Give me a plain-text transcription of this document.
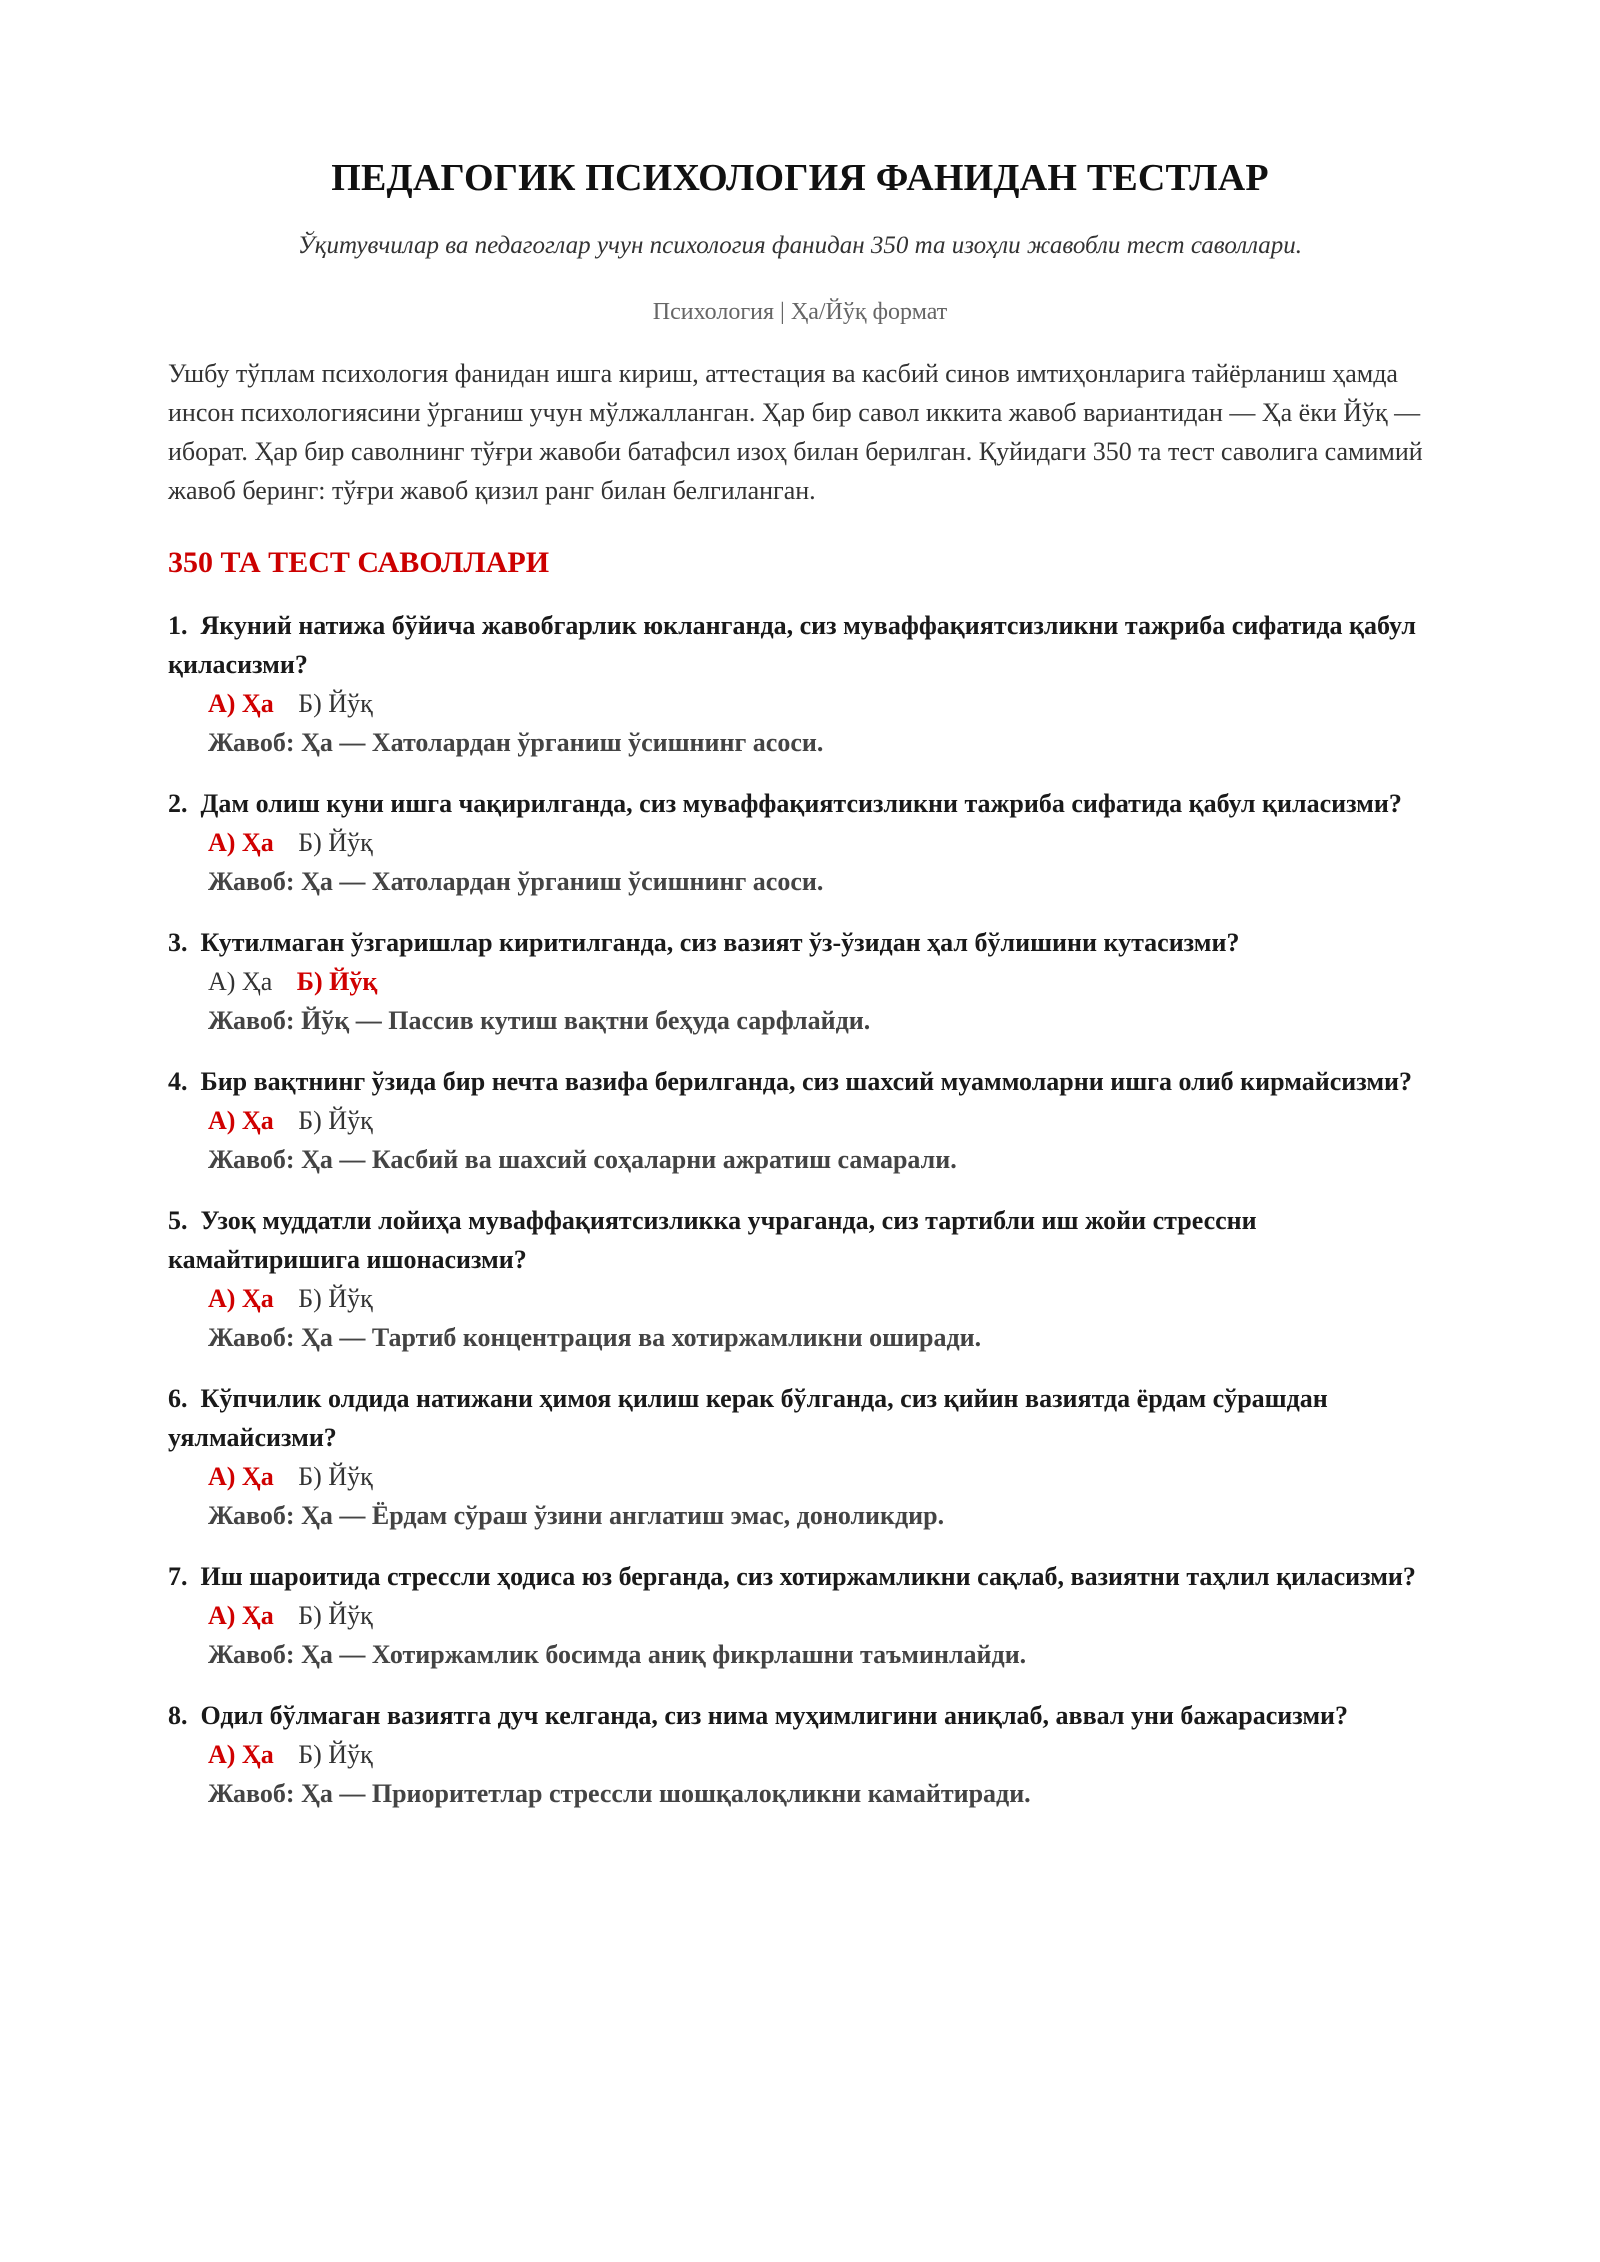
ПЕДАГОГИК ПСИХОЛОГИЯ ФАНИДАН ТЕСТЛАР

Ўқитувчилар ва педагоглар учун психология фанидан 350 та изоҳли жавобли тест саволлари.

Психология | Ҳа/Йўқ формат

Ушбу тўплам психология фанидан ишга кириш, аттестация ва касбий синов имтиҳонларига тайёрланиш ҳамда инсон психологиясини ўрганиш учун мўлжалланган. Ҳар бир савол иккита жавоб вариантидан — Ҳа ёки Йўқ — иборат. Ҳар бир саволнинг тўғри жавоби батафсил изоҳ билан берилган. Қуйидаги 350 та тест саволига самимий жавоб беринг: тўғри жавоб қизил ранг билан белгиланган.

350 ТА ТЕСТ САВОЛЛАРИ
1. Якуний натижа бўйича жавобгарлик юкланганда, сиз муваффақиятсизликни тажриба сифатида қабул қиласизми?
А) Ҳа Б) Йўқ
Жавоб: Ҳа — Хатолардан ўрганиш ўсишнинг асоси.
2. Дам олиш куни ишга чақирилганда, сиз муваффақиятсизликни тажриба сифатида қабул қиласизми?
А) Ҳа Б) Йўқ
Жавоб: Ҳа — Хатолардан ўрганиш ўсишнинг асоси.
3. Кутилмаган ўзгаришлар киритилганда, сиз вазият ўз-ўзидан ҳал бўлишини кутасизми?
А) Ҳа Б) Йўқ
Жавоб: Йўқ — Пассив кутиш вақтни беҳуда сарфлайди.
4. Бир вақтнинг ўзида бир нечта вазифа берилганда, сиз шахсий муаммоларни ишга олиб кирмайсизми?
А) Ҳа Б) Йўқ
Жавоб: Ҳа — Касбий ва шахсий соҳаларни ажратиш самарали.
5. Узоқ муддатли лойиҳа муваффақиятсизликка учраганда, сиз тартибли иш жойи стрессни камайтиришига ишонасизми?
А) Ҳа Б) Йўқ
Жавоб: Ҳа — Тартиб концентрация ва хотиржамликни оширади.
6. Кўпчилик олдида натижани ҳимоя қилиш керак бўлганда, сиз қийин вазиятда ёрдам сўрашдан уялмайсизми?
А) Ҳа Б) Йўқ
Жавоб: Ҳа — Ёрдам сўраш ўзини англатиш эмас, доноликдир.
7. Иш шароитида стрессли ҳодиса юз берганда, сиз хотиржамликни сақлаб, вазиятни таҳлил қиласизми?
А) Ҳа Б) Йўқ
Жавоб: Ҳа — Хотиржамлик босимда аниқ фикрлашни таъминлайди.
8. Одил бўлмаган вазиятга дуч келганда, сиз нима муҳимлигини аниқлаб, аввал уни бажарасизми?
А) Ҳа Б) Йўқ
Жавоб: Ҳа — Приоритетлар стрессли шошқалоқликни камайтиради.
